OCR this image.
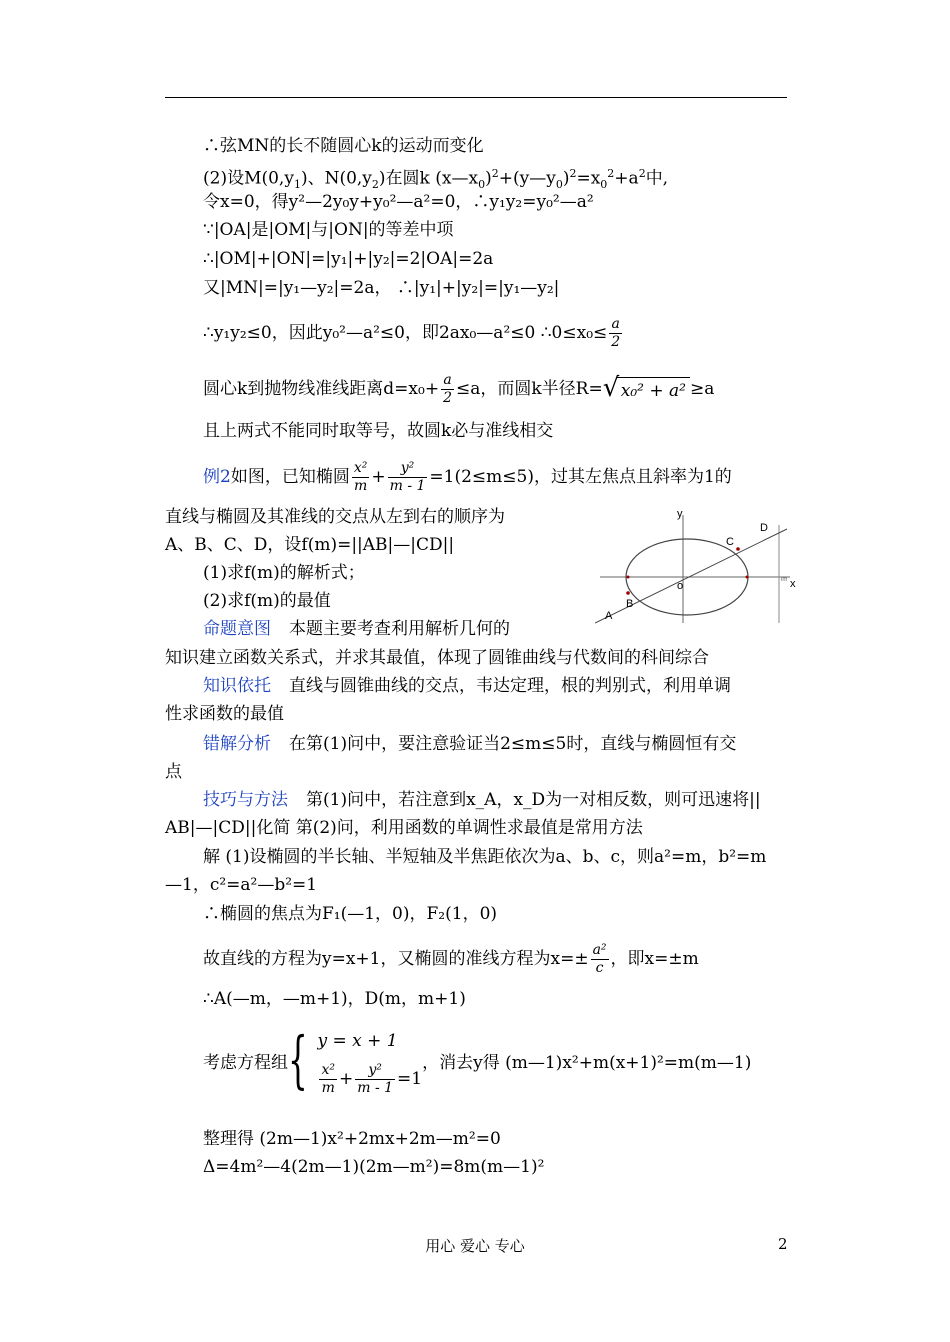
∴弦MN的长不随圆心k的运动而变化
(2)设$M(0,y_1)$、$N(0,y_2)$在圆k $(x—x_0)^2+(y—y_0)^2=x_0^2+a^2$中,
令x=0，得y²—2y₀y+y₀²—a²=0，∴y₁y₂=y₀²—a²
∵|OA|是|OM|与|ON|的等差中项
∴|OM|+|ON|=|y₁|+|y₂|=2|OA|=2a
又|MN|=|y₁—y₂|=2a， ∴|y₁|+|y₂|=|y₁—y₂|
∴y₁y₂≤0，因此y₀²—a²≤0，即2ax₀—a²≤0 ∴0≤x₀≤ $\frac{a}{2}$
圆心k到抛物线准线距离$d=x_0+ \frac{a}{2} \le a$，而圆k半径R= √ x₀² + a² ≥a
且上两式不能同时取等号，故圆k必与准线相交
例2如图，已知椭圆 $\frac{\text{x²}}{m} + \frac{\text{y²}}{m - 1} =1(2\le m\le 5)$，过其左焦点且斜率为1的
直线与椭圆及其准线的交点从左到右的顺序为
A、B、C、D，设f(m)=||AB|—|CD||
(1)求f(m)的解析式；
(2)求f(m)的最值
y
x
o	lm
A
B
C
D
命题意图 本题主要考查利用解析几何的
知识建立函数关系式，并求其最值，体现了圆锥曲线与代数间的科间综合
知识依托 直线与圆锥曲线的交点，韦达定理，根的判别式，利用单调
性求函数的最值
错解分析 在第(1)问中，要注意验证当2≤m≤5时，直线与椭圆恒有交
点
技巧与方法 第(1)问中，若注意到x_A，x_D为一对相反数，则可迅速将||
AB|—|CD||化简 第(2)问，利用函数的单调性求最值是常用方法
解 (1)设椭圆的半长轴、半短轴及半焦距依次为a、b、c，则a²=m，b²=m
—1，c²=a²—b²=1
∴椭圆的焦点为F₁(—1，0)，F₂(1，0)
故直线的方程为y=x+1，又椭圆的准线方程为$x=\pm \frac{\text{a²}}{c}$ ，即x=±m
∴A(—m，—m+1)，D(m，m+1)
考虑方程组{ y = x + 1
$\frac{\text{x²}}{m} + \frac{\text{y²}}{m - 1} =1$
，消去y得 (m—1)x²+m(x+1)²=m(m—1)
整理得 (2m—1)x²+2mx+2m—m²=0
Δ=4m²—4(2m—1)(2m—m²)=8m(m—1)²
用心 爱心 专心	2
